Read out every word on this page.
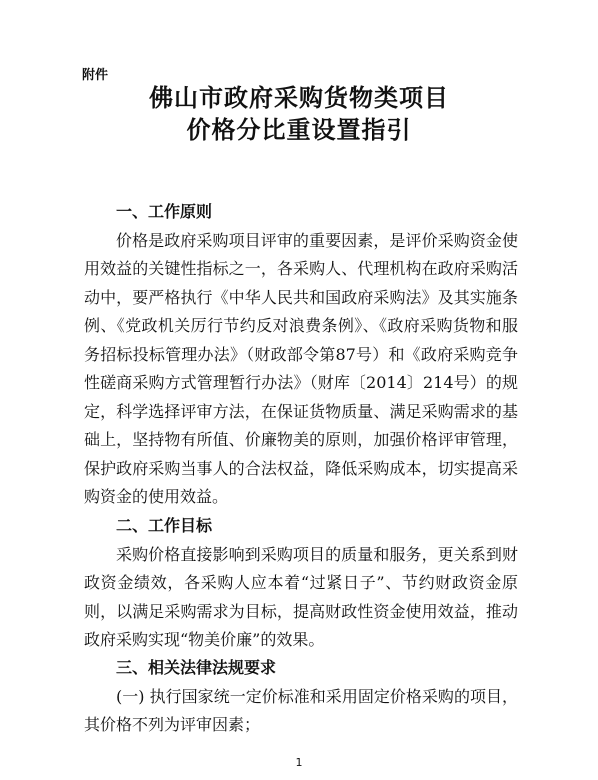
附件
佛山市政府采购货物类项目
价格分比重设置指引
一、工作原则
价格是政府采购项目评审的重要因素，是评价采购资金使用效益的关键性指标之一，各采购人、代理机构在政府采购活动中，要严格执行《中华人民共和国政府采购法》及其实施条例、《党政机关厉行节约反对浪费条例》、《政府采购货物和服务招标投标管理办法》（财政部令第87号）和《政府采购竞争性磋商采购方式管理暂行办法》（财库〔2014〕214号）的规定，科学选择评审方法，在保证货物质量、满足采购需求的基础上，坚持物有所值、价廉物美的原则，加强价格评审管理，保护政府采购当事人的合法权益，降低采购成本，切实提高采购资金的使用效益。
二、工作目标
采购价格直接影响到采购项目的质量和服务，更关系到财政资金绩效，各采购人应本着“过紧日子”、节约财政资金原则，以满足采购需求为目标，提高财政性资金使用效益，推动政府采购实现“物美价廉”的效果。
三、相关法律法规要求
(一) 执行国家统一定价标准和采用固定价格采购的项目，其价格不列为评审因素；
1
